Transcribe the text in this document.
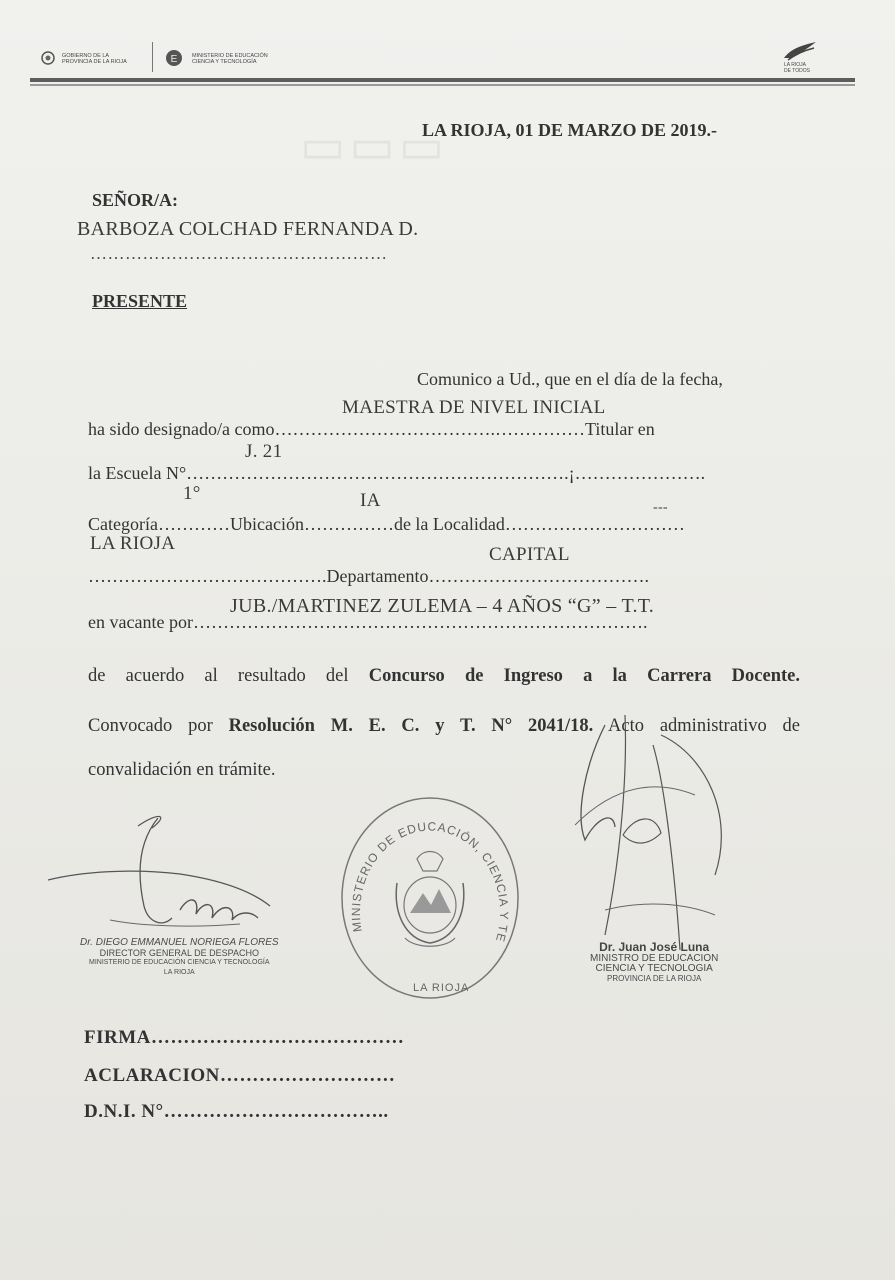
GOBIERNO DE LA
PROVINCIA DE LA RIOJA	E	MINISTERIO DE EDUCACIÓN
CIENCIA Y TECNOLOGÍA	LA RIOJA
DE TODOS
▭▭▭
LA RIOJA, 01 DE MARZO DE 2019.-
SEÑOR/A:
BARBOZA COLCHAD FERNANDA D.
……………………………………………
PRESENTE
Comunico a Ud., que en el día de la fecha,
MAESTRA DE NIVEL INICIAL
ha sido designado/a como……………………………….……………Titular en
J. 21
la Escuela N°……………………………………………………….¡………………….
1°	IA	---
Categoría…………Ubicación……………de la Localidad…………………………
LA RIOJA
CAPITAL
………………………………….Departamento……………………………….
JUB./MARTINEZ ZULEMA – 4 AÑOS “G” – T.T.
en vacante por………………………………………………………………….
de acuerdo al resultado del Concurso de Ingreso a la Carrera Docente.
Convocado por Resolución M. E. C. y T. N° 2041/18. Acto administrativo de
convalidación en trámite.
Dr. DIEGO EMMANUEL NORIEGA FLORES
DIRECTOR GENERAL DE DESPACHO
MINISTERIO DE EDUCACIÓN CIENCIA Y TECNOLOGÍA
LA RIOJA
MINISTERIO DE EDUCACIÓN, CIENCIA Y TE
LA RIOJA
Dr. Juan José Luna
MINISTRO DE EDUCACION
CIENCIA Y TECNOLOGIA
PROVINCIA DE LA RIOJA
FIRMA…………………………………
ACLARACION………………………
D.N.I. N°……………………………..
